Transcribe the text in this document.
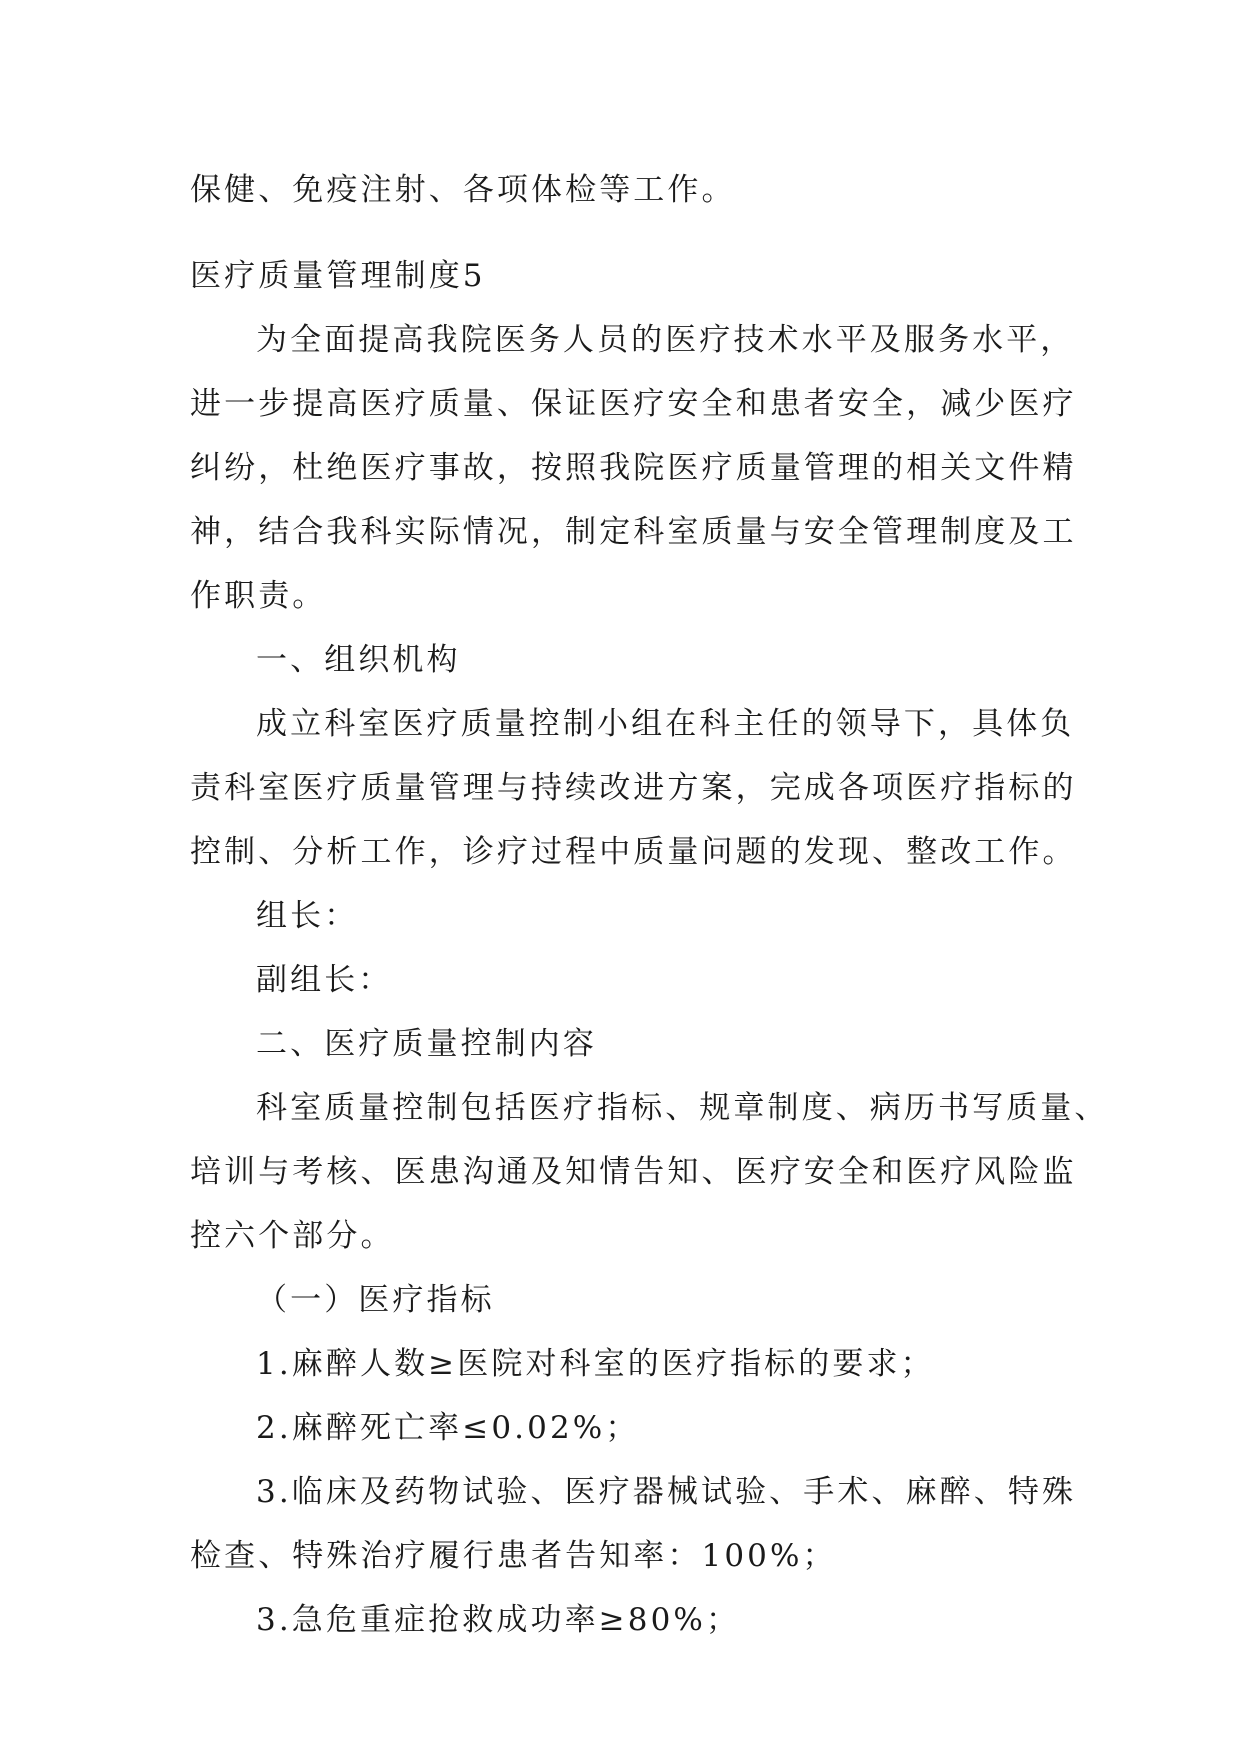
保健、免疫注射、各项体检等工作。
医疗质量管理制度5
为全面提高我院医务人员的医疗技术水平及服务水平，
进一步提高医疗质量、保证医疗安全和患者安全，减少医疗
纠纷，杜绝医疗事故，按照我院医疗质量管理的相关文件精
神，结合我科实际情况，制定科室质量与安全管理制度及工
作职责。
一、组织机构
成立科室医疗质量控制小组在科主任的领导下，具体负
责科室医疗质量管理与持续改进方案，完成各项医疗指标的
控制、分析工作，诊疗过程中质量问题的发现、整改工作。
组长：
副组长：
二、医疗质量控制内容
科室质量控制包括医疗指标、规章制度、病历书写质量、
培训与考核、医患沟通及知情告知、医疗安全和医疗风险监
控六个部分。
（一）医疗指标
1.麻醉人数≥医院对科室的医疗指标的要求；
2.麻醉死亡率≤0.02%；
3.临床及药物试验、医疗器械试验、手术、麻醉、特殊
检查、特殊治疗履行患者告知率：100%；
3.急危重症抢救成功率≥80%；
